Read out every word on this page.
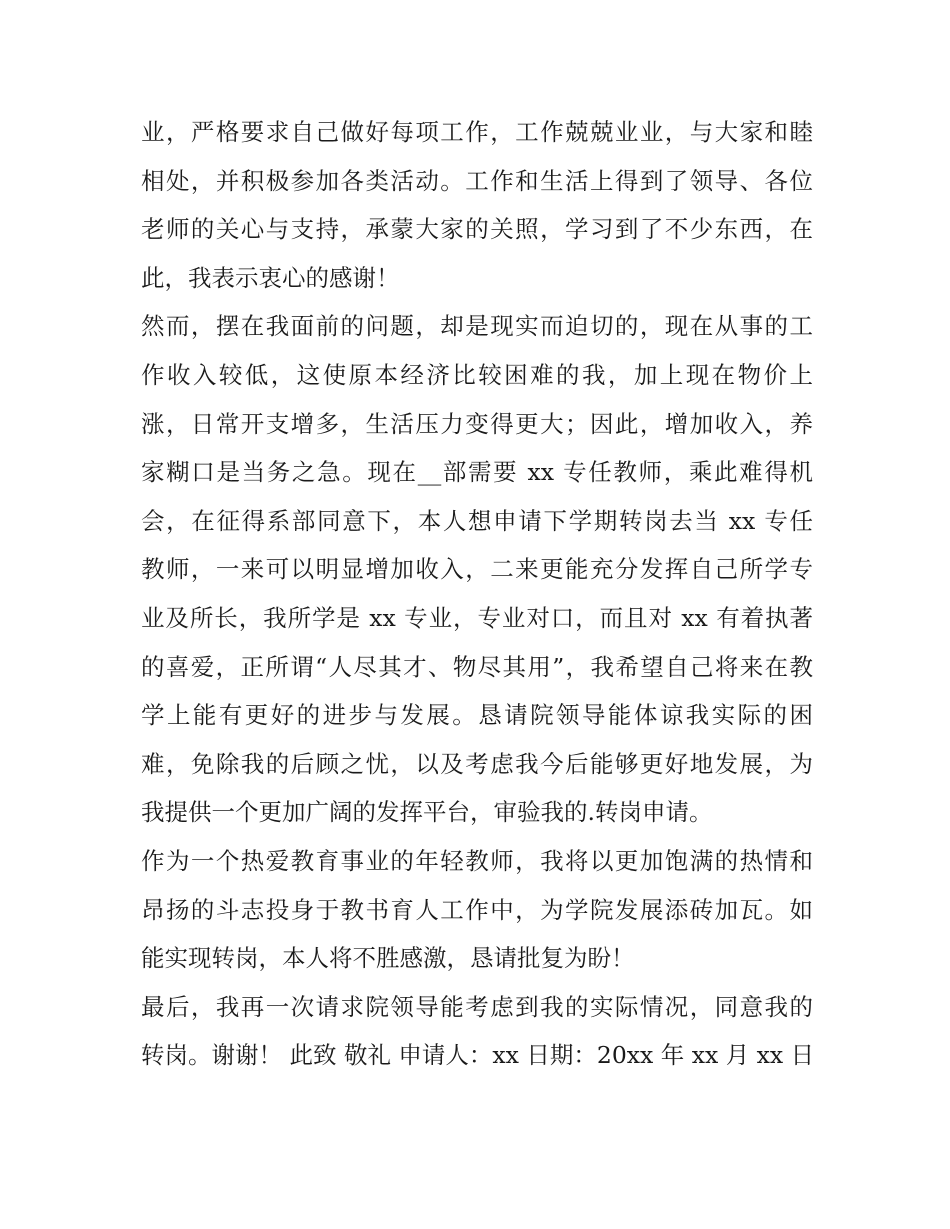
业，严格要求自己做好每项工作，工作兢兢业业，与大家和睦
相处，并积极参加各类活动。工作和生活上得到了领导、各位
老师的关心与支持，承蒙大家的关照，学习到了不少东西，在
此，我表示衷心的感谢！

然而，摆在我面前的问题，却是现实而迫切的，现在从事的工
作收入较低，这使原本经济比较困难的我，加上现在物价上
涨，日常开支增多，生活压力变得更大；因此，增加收入，养
家糊口是当务之急。现在__部需要 xx 专任教师，乘此难得机
会，在征得系部同意下，本人想申请下学期转岗去当 xx 专任
教师，一来可以明显增加收入，二来更能充分发挥自己所学专
业及所长，我所学是 xx 专业，专业对口，而且对 xx 有着执著
的喜爱，正所谓“人尽其才、物尽其用”，我希望自己将来在教
学上能有更好的进步与发展。恳请院领导能体谅我实际的困
难，免除我的后顾之忧，以及考虑我今后能够更好地发展，为
我提供一个更加广阔的发挥平台，审验我的.转岗申请。

作为一个热爱教育事业的年轻教师，我将以更加饱满的热情和
昂扬的斗志投身于教书育人工作中，为学院发展添砖加瓦。如
能实现转岗，本人将不胜感激，恳请批复为盼！

最后，我再一次请求院领导能考虑到我的实际情况，同意我的
转岗。谢谢！ 此致 敬礼 申请人：xx 日期：20xx 年 xx 月 xx 日
